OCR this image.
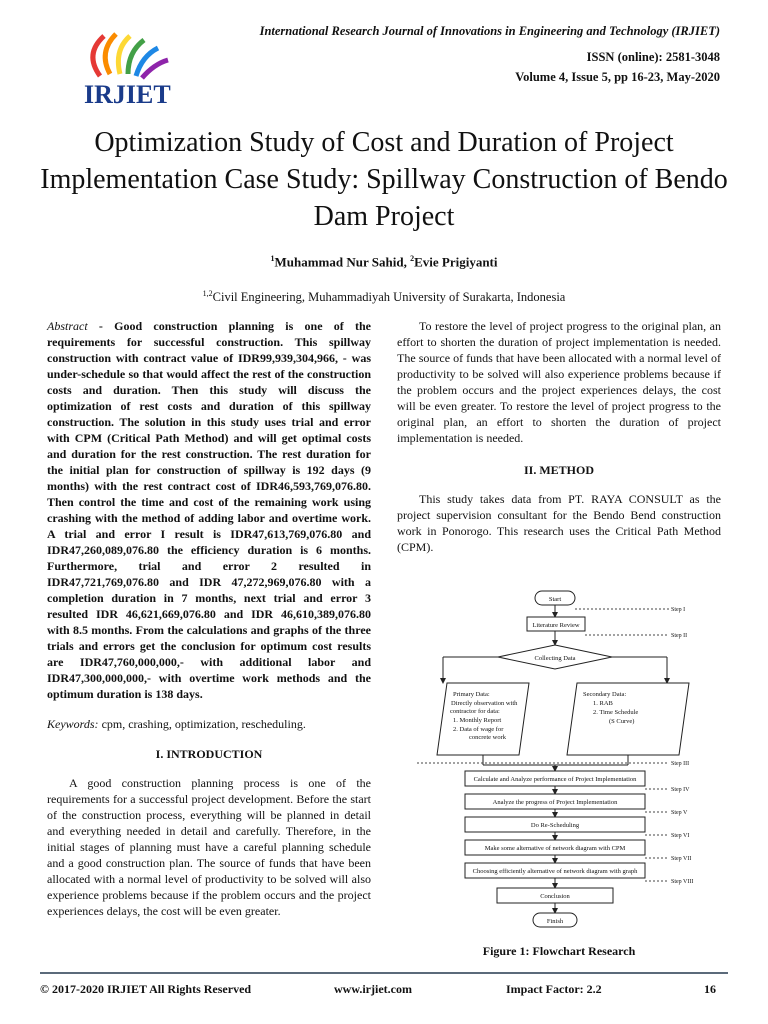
IRJIET
International Research Journal of Innovations in Engineering and Technology (IRJIET)
ISSN (online): 2581-3048
Volume 4, Issue 5, pp 16-23, May-2020
Optimization Study of Cost and Duration of Project Implementation Case Study: Spillway Construction of Bendo Dam Project
$^1$Muhammad Nur Sahid, $^2$Evie Prigiyanti
$^{1,2}$Civil Engineering, Muhammadiyah University of Surakarta, Indonesia

Abstract - Good construction planning is one of the requirements for successful construction. This spillway construction with contract value of IDR99,939,304,966, - was under-schedule so that would affect the rest of the construction costs and duration. Then this study will discuss the optimization of rest costs and duration of this spillway construction. The solution in this study uses trial and error with CPM (Critical Path Method) and will get optimal costs and duration for the rest construction. The rest duration for the initial plan for construction of spillway is 192 days (9 months) with the rest contract cost of IDR46,593,769,076.80. Then control the time and cost of the remaining work using crashing with the method of adding labor and overtime work. A trial and error I result is IDR47,613,769,076.80 and IDR47,260,089,076.80 the efficiency duration is 6 months. Furthermore, trial and error 2 resulted in IDR47,721,769,076.80 and IDR 47,272,969,076.80 with a completion duration in 7 months, next trial and error 3 resulted IDR 46,621,669,076.80 and IDR 46,610,389,076.80 with 8.5 months. From the calculations and graphs of the three trials and errors get the conclusion for optimum cost results are IDR47,760,000,000,- with additional labor and IDR47,300,000,000,- with overtime work methods and the optimum duration is 138 days.

Keywords: cpm, crashing, optimization, rescheduling.

I. INTRODUCTION

A good construction planning process is one of the requirements for a successful project development. Before the start of the construction process, everything will be planned in detail and everything needed in detail and carefully. Therefore, in the initial stages of planning must have a careful planning schedule and a good construction plan. The source of funds that have been allocated with a normal level of productivity to be solved will also experience problems because if the problem occurs and the project experiences delays, the cost will be even greater.

To restore the level of project progress to the original plan, an effort to shorten the duration of project implementation is needed. The source of funds that have been allocated with a normal level of productivity to be solved will also experience problems because if the problem occurs and the project experiences delays, the cost will be even greater. To restore the level of project progress to the original plan, an effort to shorten the duration of project implementation is needed.

II. METHOD

This study takes data from PT. RAYA CONSULT as the project supervision consultant for the Bendo Bend construction work in Ponorogo. This research uses the Critical Path Method (CPM).

Start
Literature Review
Collecting Data
Primary Data:
Directly observation with
contractor for data:
1. Monthly Report
2. Data of wage for
concrete work
Secondary Data:
1. RAB
2. Time Schedule
(S Curve)
Calculate and Analyze performance of Project Implementation
Analyze the progress of Project Implementation
Do Re-Scheduling
Make some alternative of network diagram with CPM
Choosing efficiently alternative of network diagram with graph
Conclusion
Finish
Step I
Step II
Step III
Step IV
Step V
Step VI
Step VII
Step VIII
Figure 1: Flowchart Research
© 2017-2020 IRJIET All Rights Reserved	www.irjiet.com	Impact Factor: 2.2	16
